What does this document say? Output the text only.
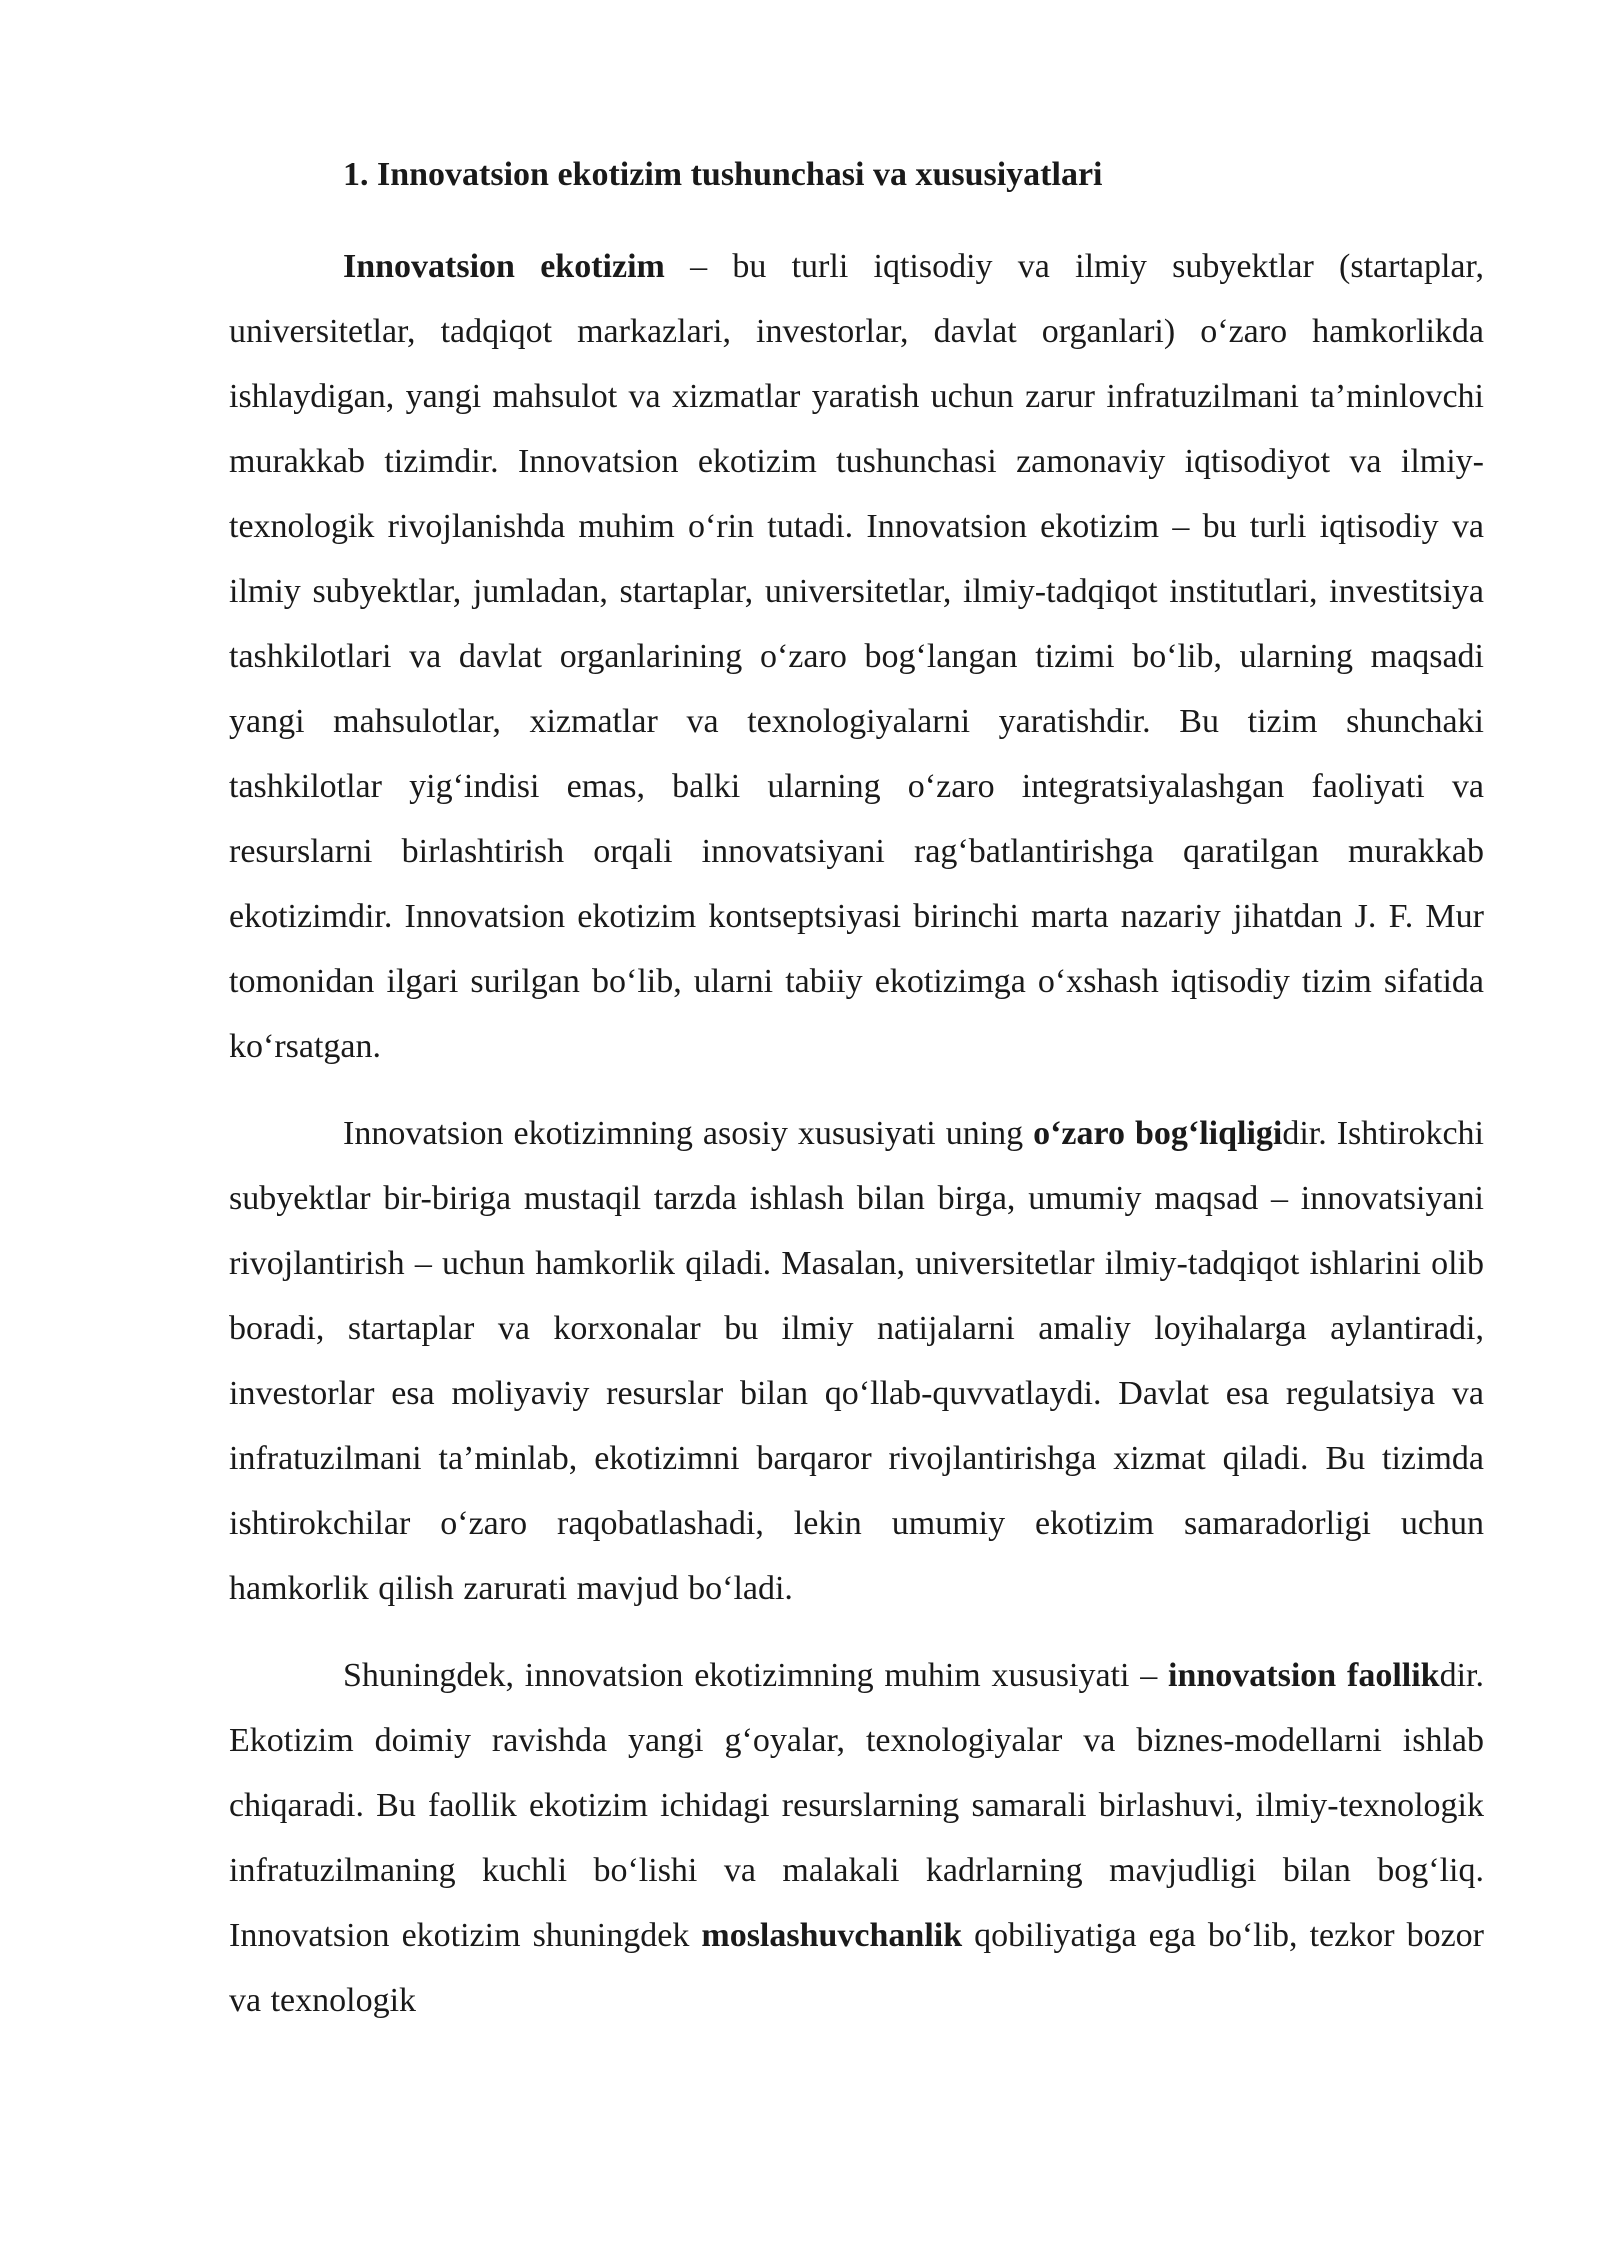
1. Innovatsion ekotizim tushunchasi va xususiyatlari

Innovatsion ekotizim – bu turli iqtisodiy va ilmiy subyektlar (startaplar, universitetlar, tadqiqot markazlari, investorlar, davlat organlari) o‘zaro hamkorlikda ishlaydigan, yangi mahsulot va xizmatlar yaratish uchun zarur infratuzilmani ta’minlovchi murakkab tizimdir. Innovatsion ekotizim tushunchasi zamonaviy iqtisodiyot va ilmiy-texnologik rivojlanishda muhim o‘rin tutadi. Innovatsion ekotizim – bu turli iqtisodiy va ilmiy subyektlar, jumladan, startaplar, universitetlar, ilmiy-tadqiqot institutlari, investitsiya tashkilotlari va davlat organlarining o‘zaro bog‘langan tizimi bo‘lib, ularning maqsadi yangi mahsulotlar, xizmatlar va texnologiyalarni yaratishdir. Bu tizim shunchaki tashkilotlar yig‘indisi emas, balki ularning o‘zaro integratsiyalashgan faoliyati va resurslarni birlashtirish orqali innovatsiyani rag‘batlantirishga qaratilgan murakkab ekotizimdir. Innovatsion ekotizim kontseptsiyasi birinchi marta nazariy jihatdan J. F. Mur tomonidan ilgari surilgan bo‘lib, ularni tabiiy ekotizimga o‘xshash iqtisodiy tizim sifatida ko‘rsatgan.

Innovatsion ekotizimning asosiy xususiyati uning o‘zaro bog‘liqligidir. Ishtirokchi subyektlar bir-biriga mustaqil tarzda ishlash bilan birga, umumiy maqsad – innovatsiyani rivojlantirish – uchun hamkorlik qiladi. Masalan, universitetlar ilmiy-tadqiqot ishlarini olib boradi, startaplar va korxonalar bu ilmiy natijalarni amaliy loyihalarga aylantiradi, investorlar esa moliyaviy resurslar bilan qo‘llab-quvvatlaydi. Davlat esa regulatsiya va infratuzilmani ta’minlab, ekotizimni barqaror rivojlantirishga xizmat qiladi. Bu tizimda ishtirokchilar o‘zaro raqobatlashadi, lekin umumiy ekotizim samaradorligi uchun hamkorlik qilish zarurati mavjud bo‘ladi.

Shuningdek, innovatsion ekotizimning muhim xususiyati – innovatsion faollikdir. Ekotizim doimiy ravishda yangi g‘oyalar, texnologiyalar va biznes-modellarni ishlab chiqaradi. Bu faollik ekotizim ichidagi resurslarning samarali birlashuvi, ilmiy-texnologik infratuzilmaning kuchli bo‘lishi va malakali kadrlarning mavjudligi bilan bog‘liq. Innovatsion ekotizim shuningdek moslashuvchanlik qobiliyatiga ega bo‘lib, tezkor bozor va texnologik
